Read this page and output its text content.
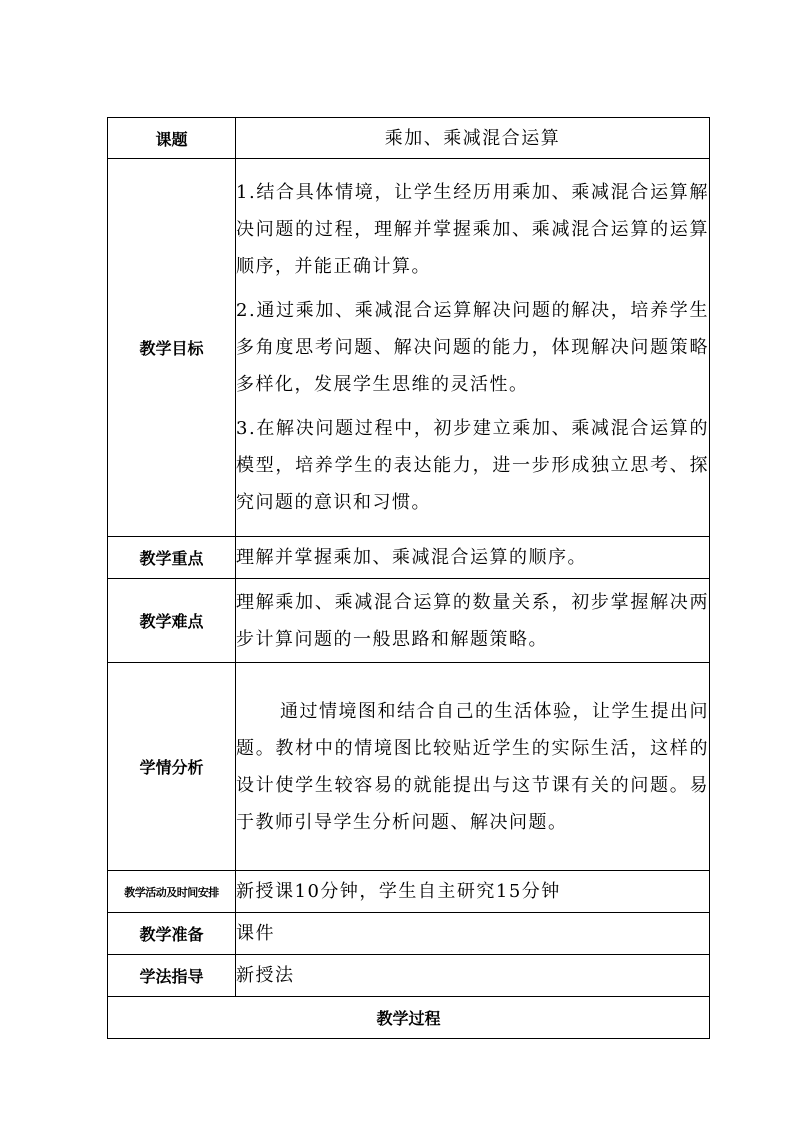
课题	乘加、乘减混合运算
教学目标	1.结合具体情境，让学生经历用乘加、乘减混合运算解决问题的过程，理解并掌握乘加、乘减混合运算的运算顺序，并能正确计算。

2.通过乘加、乘减混合运算解决问题的解决，培养学生多角度思考问题、解决问题的能力，体现解决问题策略多样化，发展学生思维的灵活性。

3.在解决问题过程中，初步建立乘加、乘减混合运算的模型，培养学生的表达能力，进一步形成独立思考、探究问题的意识和习惯。

教学重点	理解并掌握乘加、乘减混合运算的顺序。
教学难点	理解乘加、乘减混合运算的数量关系，初步掌握解决两步计算问题的一般思路和解题策略。
学情分析	通过情境图和结合自己的生活体验，让学生提出问题。教材中的情境图比较贴近学生的实际生活，这样的设计使学生较容易的就能提出与这节课有关的问题。易于教师引导学生分析问题、解决问题。

教学活动及时间安排	新授课10分钟，学生自主研究15分钟
教学准备	课件
学法指导	新授法
教学过程	
